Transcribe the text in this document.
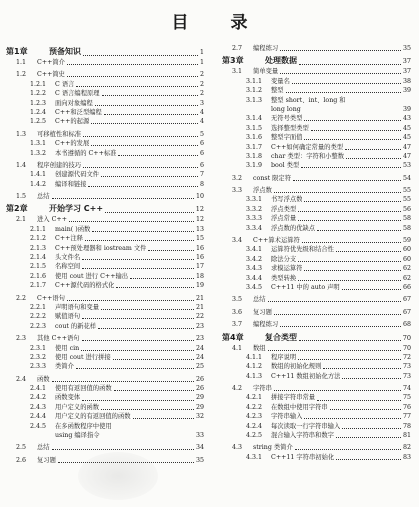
目 录
第1章	预备知识	1
1.1	C++简介	1
1.2	C++简史	2
1.2.1	C 语言	2
1.2.2	C 语言编程原理	2
1.2.3	面向对象编程	3
1.2.4	C++和泛型编程	4
1.2.5	C++的起源	4
1.3	可移植性和标准	5
1.3.1	C++的发展	6
1.3.2	本书遵循的 C++标准	6
1.4	程序创建的技巧	6
1.4.1	创建源代码文件	7
1.4.2	编译和链接	8
1.5	总结	10
第2章	开始学习 C++	12
2.1	进入 C++	12
2.1.1	main( )函数	13
2.1.2	C++注释	15
2.1.3	C++预处理器和 iostream 文件	16
2.1.4	头文件名	16
2.1.5	名称空间	17
2.1.6	使用 cout 进行 C++输出	18
2.1.7	C++源代码的格式化	19
2.2	C++语句	21
2.2.1	声明语句和变量	21
2.2.2	赋值语句	22
2.2.3	cout 的新花样	23
2.3	其他 C++语句	23
2.3.1	使用 cin	24
2.3.2	使用 cout 进行拼接	24
2.3.3	类简介	25
2.4	函数	26
2.4.1	使用有返回值的函数	26
2.4.2	函数变体	29
2.4.3	用户定义的函数	29
2.4.4	用户定义的有返回值的函数	32
2.4.5	在多函数程序中使用
using 编译指令	33
2.5	总结	34
2.6	复习题	35
2.7	编程练习	35
第3章	处理数据	37
3.1	简单变量	37
3.1.1	变量名	38
3.1.2	整型	39
3.1.3	整型 short、int、long 和
long long	39
3.1.4	无符号类型	43
3.1.5	选择整型类型	45
3.1.6	整型字面值	45
3.1.7	C++如何确定常量的类型	47
3.1.8	char 类型：字符和小整数	47
3.1.9	bool 类型	53
3.2	const 限定符	54
3.3	浮点数	55
3.3.1	书写浮点数	55
3.3.2	浮点类型	56
3.3.3	浮点常量	58
3.3.4	浮点数的优缺点	58
3.4	C++算术运算符	59
3.4.1	运算符优先级和结合性	60
3.4.2	除法分支	60
3.4.3	求模运算符	62
3.4.4	类型转换	62
3.4.5	C++11 中的 auto 声明	66
3.5	总结	67
3.6	复习题	67
3.7	编程练习	68
第4章	复合类型	70
4.1	数组	70
4.1.1	程序说明	72
4.1.2	数组的初始化规则	73
4.1.3	C++11 数组初始化方法	73
4.2	字符串	74
4.2.1	拼接字符串常量	75
4.2.2	在数组中使用字符串	76
4.2.3	字符串输入	77
4.2.4	每次读取一行字符串输入	78
4.2.5	混合输入字符串和数字	81
4.3	string 类简介	82
4.3.1	C++11 字符串初始化	83
